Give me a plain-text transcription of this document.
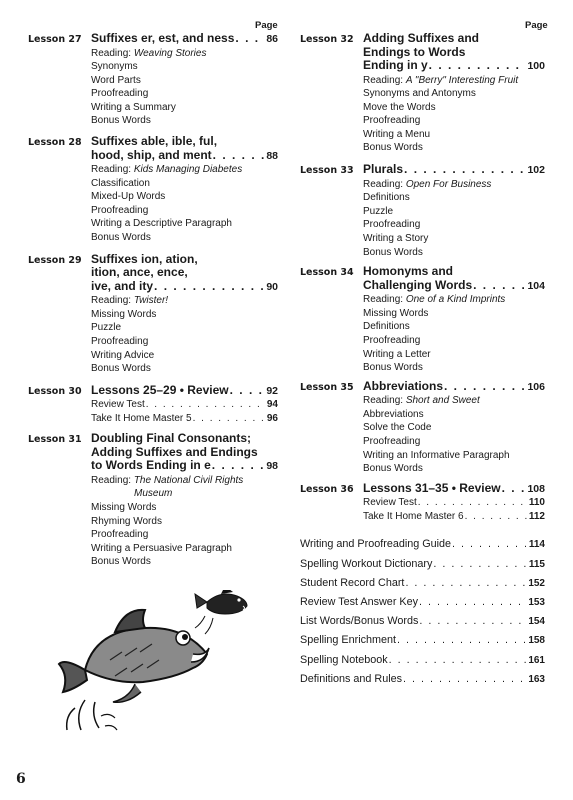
Page	Page
Lesson 27 Suffixes er, est, and ness . . .	86
Reading: Weaving Stories
Synonyms
Word Parts
Proofreading
Writing a Summary
Bonus Words
Lesson 28 Suffixes able, ible, ful,
hood, ship, and ment . . .	88
Reading: Kids Managing Diabetes
Classification
Mixed-Up Words
Proofreading
Writing a Descriptive Paragraph
Bonus Words
Lesson 29 Suffixes ion, ation,
ition, ance, ence,
ive, and ity . . .	90
Reading: Twister!
Missing Words
Puzzle
Proofreading
Writing Advice
Bonus Words
Lesson 30 Lessons 25–29 • Review . . .	92
Review Test . . .	94
Take It Home Master 5 . . .	96
Lesson 31 Doubling Final Consonants;
Adding Suffixes and Endings
to Words Ending in e . . .	98
Reading: The National Civil Rights
Museum
Missing Words
Rhyming Words
Proofreading
Writing a Persuasive Paragraph
Bonus Words
Lesson 32 Adding Suffixes and
Endings to Words
Ending in y . . .	100
Reading: A "Berry" Interesting Fruit
Synonyms and Antonyms
Move the Words
Proofreading
Writing a Menu
Bonus Words
Lesson 33 Plurals . . .	102
Reading: Open For Business
Definitions
Puzzle
Proofreading
Writing a Story
Bonus Words
Lesson 34 Homonyms and
Challenging Words . . .	104
Reading: One of a Kind Imprints
Missing Words
Definitions
Proofreading
Writing a Letter
Bonus Words
Lesson 35 Abbreviations . . .	106
Reading: Short and Sweet
Abbreviations
Solve the Code
Proofreading
Writing an Informative Paragraph
Bonus Words
Lesson 36 Lessons 31–35 • Review . . .	108
Review Test . . .	110
Take It Home Master 6 . . .	112
Writing and Proofreading Guide . . .	114
Spelling Workout Dictionary . . .	115
Student Record Chart . . .	152
Review Test Answer Key . . .	153
List Words/Bonus Words . . .	154
Spelling Enrichment . . .	158
Spelling Notebook . . .	161
Definitions and Rules . . .	163
6
